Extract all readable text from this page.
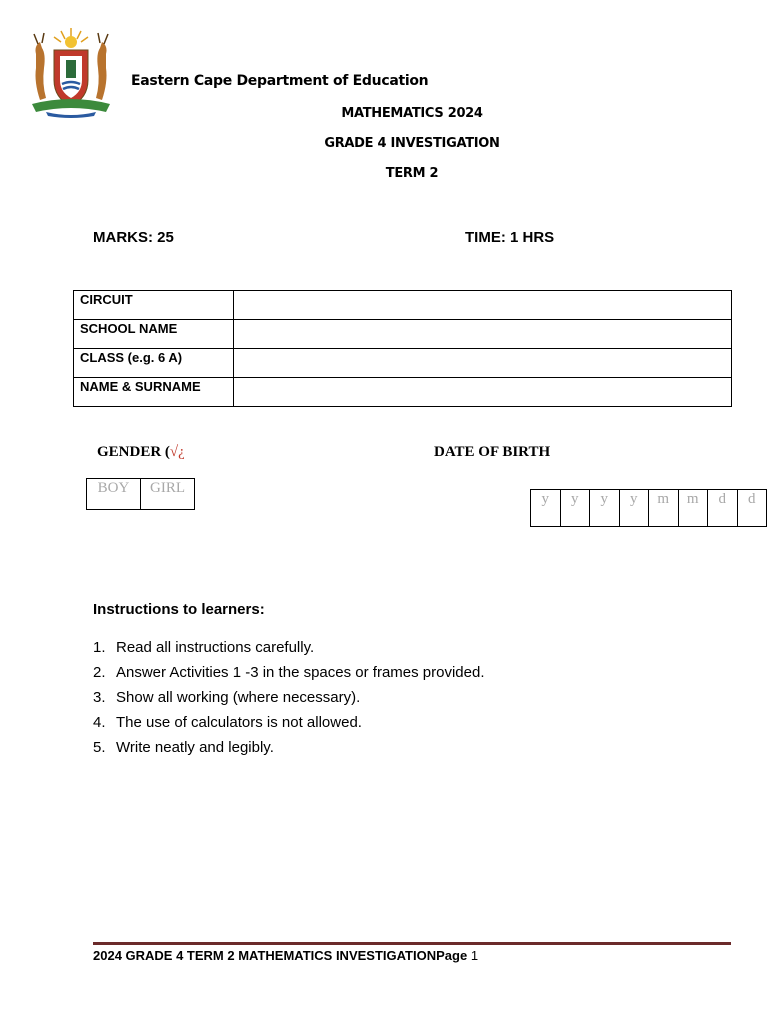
Eastern Cape Department of Education
MATHEMATICS 2024
GRADE 4 INVESTIGATION
TERM 2
MARKS: 25	TIME: 1 HRS
CIRCUIT	
SCHOOL NAME	
CLASS (e.g. 6 A)	
NAME & SURNAME	
GENDER (√¿	DATE OF BIRTH
BOY	GIRL
y	y	y	y	m	m	d	d
Instructions to learners:
1. Read all instructions carefully.
2. Answer Activities 1 -3 in the spaces or frames provided.
3. Show all working (where necessary).
4. The use of calculators is not allowed.
5. Write neatly and legibly.
2024 GRADE 4 TERM 2 MATHEMATICS INVESTIGATIONPage 1
